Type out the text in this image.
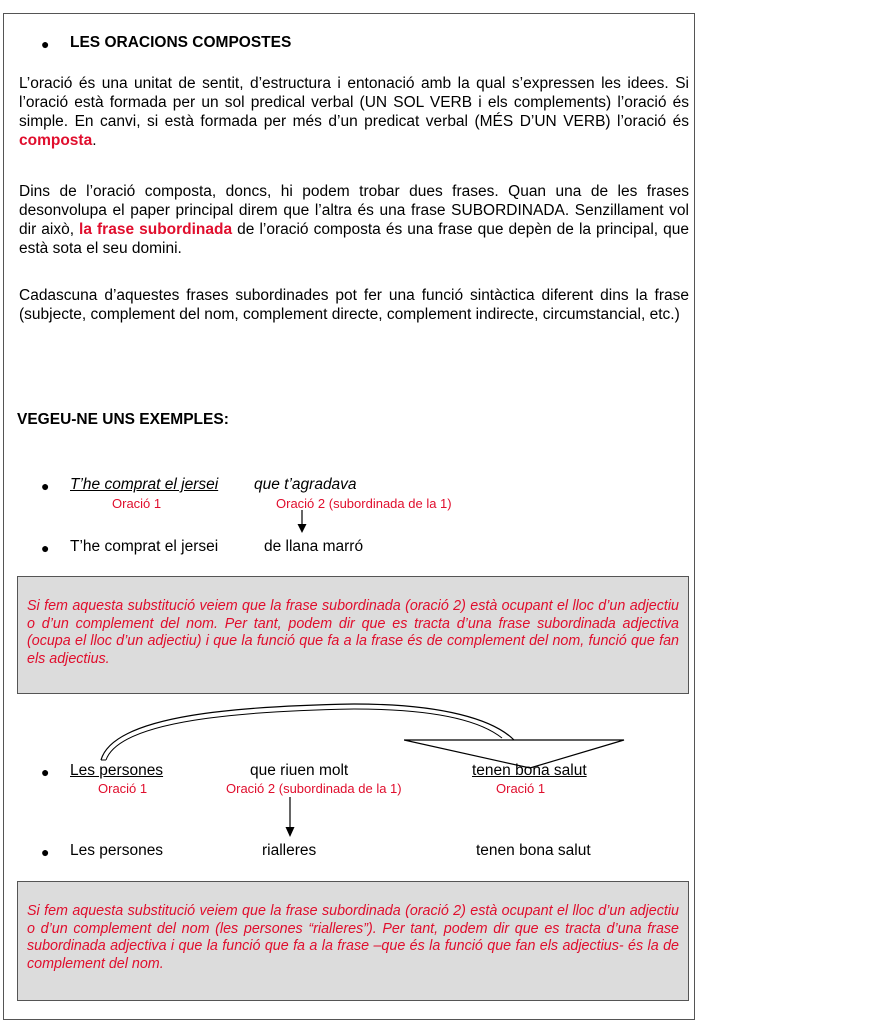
● LES ORACIONS COMPOSTES
L’oració és una unitat de sentit, d’estructura i entonació amb la qual s’expressen les idees. Si l’oració està formada per un sol predical verbal (UN SOL VERB i els complements) l’oració és simple. En canvi, si està formada per més d’un predicat verbal (MÉS D’UN VERB) l’oració és composta.
Dins de l’oració composta, doncs, hi podem trobar dues frases. Quan una de les frases desonvolupa el paper principal direm que l’altra és una frase SUBORDINADA. Senzillament vol dir això, la frase subordinada de l’oració composta és una frase que depèn de la principal, que està sota el seu domini.
Cadascuna d’aquestes frases subordinades pot fer una funció sintàctica diferent dins la frase (subjecte, complement del nom, complement directe, complement indirecte, circumstancial, etc.)
VEGEU-NE UNS EXEMPLES:
● T’he comprat el jersei que t’agradava
Oració 1	Oració 2 (subordinada de la 1)
● T’he comprat el jersei	de llana marró
Si fem aquesta substitució veiem que la frase subordinada (oració 2) està ocupant el lloc d’un adjectiu o d’un complement del nom. Per tant, podem dir que es tracta d’una frase subordinada adjectiva (ocupa el lloc d’un adjectiu) i que la funció que fa a la frase és de complement del nom, funció que fan els adjectius.
● Les persones	que riuen molt	tenen bona salut
Oració 1	Oració 2 (subordinada de la 1)	Oració 1
● Les persones	rialleres	tenen bona salut
Si fem aquesta substitució veiem que la frase subordinada (oració 2) està ocupant el lloc d’un adjectiu o d’un complement del nom (les persones “rialleres”). Per tant, podem dir que es tracta d’una frase subordinada adjectiva i que la funció que fa a la frase –que és la funció que fan els adjectius- és la de complement del nom.
